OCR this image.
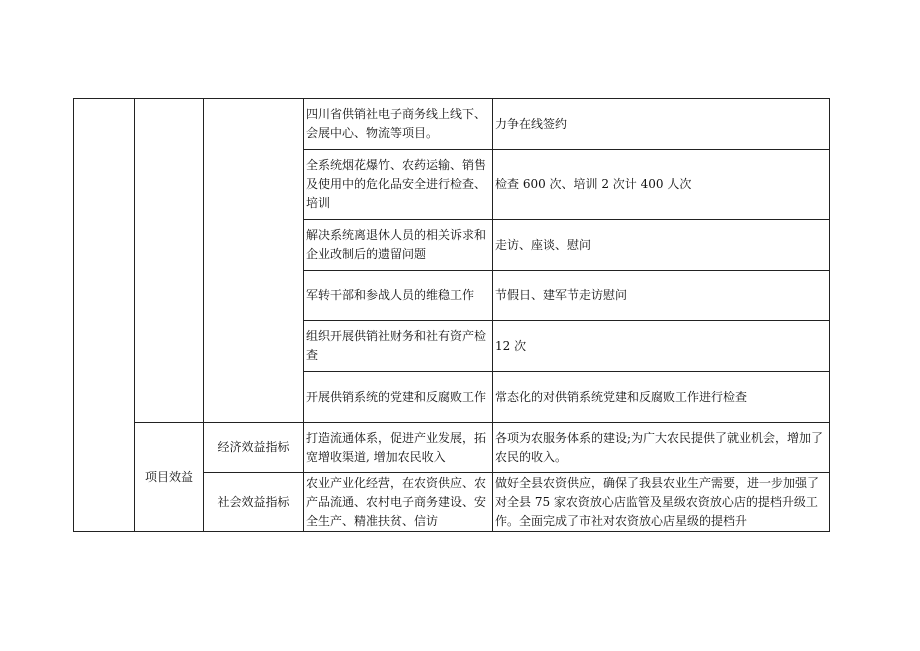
			四川省供销社电子商务线上线下、会展中心、物流等项目。	力争在线签约
			全系统烟花爆竹、农药运输、销售及使用中的危化品安全进行检查、培训	检查 600 次、培训 2 次计 400 人次
			解决系统离退休人员的相关诉求和企业改制后的遗留问题	走访、座谈、慰问
			军转干部和参战人员的维稳工作	节假日、建军节走访慰问
			组织开展供销社财务和社有资产检查	12 次
			开展供销系统的党建和反腐败工作	常态化的对供销系统党建和反腐败工作进行检查
	项目效益	经济效益指标	打造流通体系，促进产业发展，拓宽增收渠道, 增加农民收入	各项为农服务体系的建设;为广大农民提供了就业机会，增加了农民的收入。
		社会效益指标	农业产业化经营，在农资供应、农产品流通、农村电子商务建设、安全生产、精准扶贫、信访	做好全县农资供应，确保了我县农业生产需要，进一步加强了对全县 75 家农资放心店监管及星级农资放心店的提档升级工作。全面完成了市社对农资放心店星级的提档升
